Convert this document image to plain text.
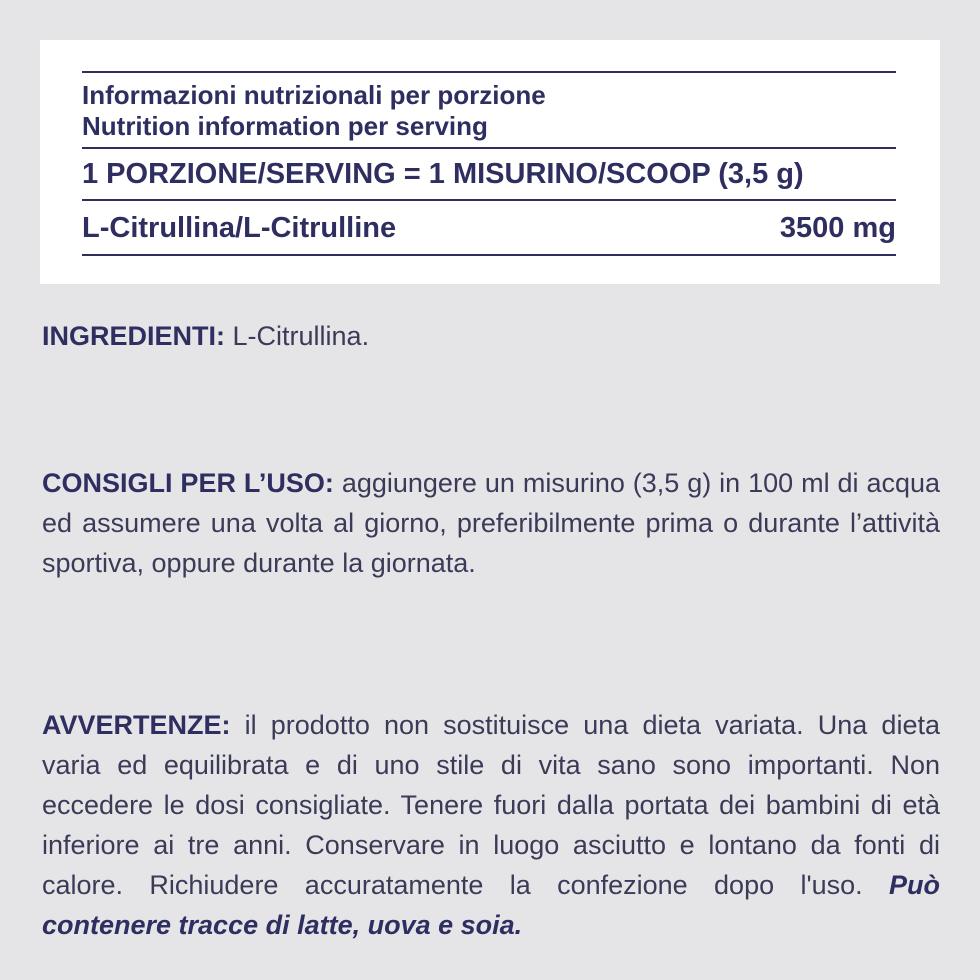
Informazioni nutrizionali per porzione
Nutrition information per serving
1 PORZIONE/SERVING = 1 MISURINO/SCOOP (3,5 g)
L-Citrullina/L-Citrulline	3500 mg
INGREDIENTI: L-Citrullina.
CONSIGLI PER L’USO: aggiungere un misurino (3,5 g) in 100 ml di acqua ed assumere una volta al giorno, preferibilmente prima o durante l’attività sportiva, oppure durante la giornata.
AVVERTENZE: il prodotto non sostituisce una dieta variata. Una dieta varia ed equilibrata e di uno stile di vita sano sono importanti. Non eccedere le dosi consigliate. Tenere fuori dalla portata dei bambini di età inferiore ai tre anni. Conservare in luogo asciutto e lontano da fonti di calore. Richiudere accuratamente la confezione dopo l'uso. Può contenere tracce di latte, uova e soia.
